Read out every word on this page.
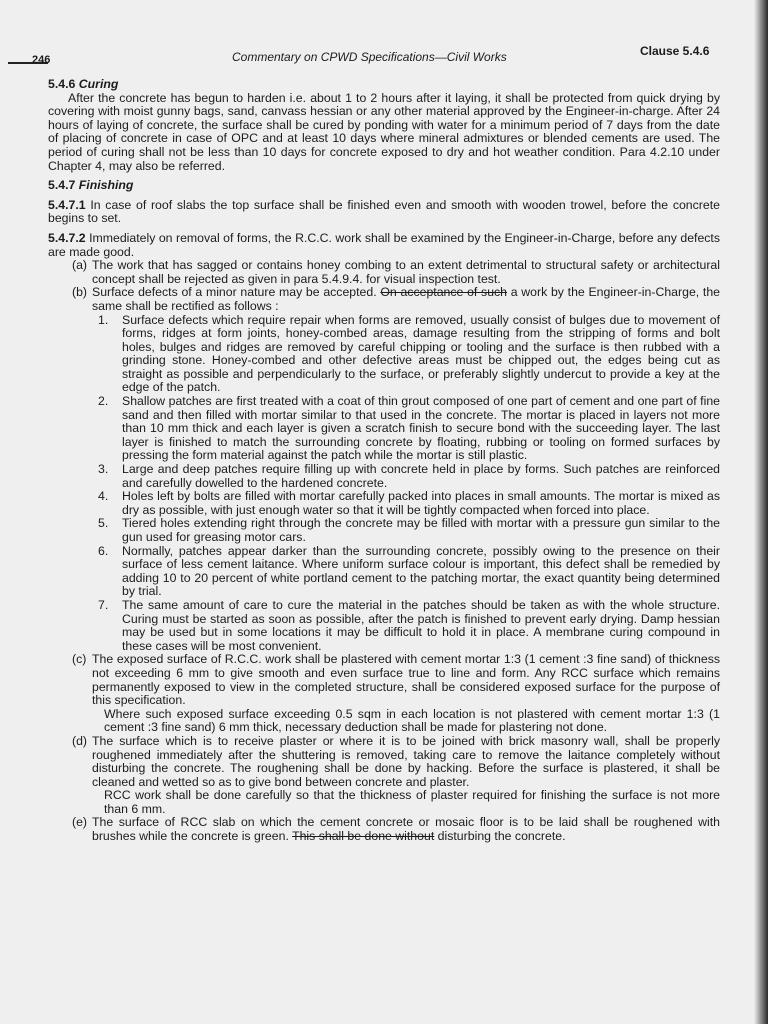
246	Commentary on CPWD Specifications—Civil Works	Clause 5.4.6

5.4.6 Curing

After the concrete has begun to harden i.e. about 1 to 2 hours after it laying, it shall be protected from quick drying by covering with moist gunny bags, sand, canvass hessian or any other material approved by the Engineer-in-charge. After 24 hours of laying of concrete, the surface shall be cured by ponding with water for a minimum period of 7 days from the date of placing of concrete in case of OPC and at least 10 days where mineral admixtures or blended cements are used. The period of curing shall not be less than 10 days for concrete exposed to dry and hot weather condition. Para 4.2.10 under Chapter 4, may also be referred.

5.4.7 Finishing

5.4.7.1 In case of roof slabs the top surface shall be finished even and smooth with wooden trowel, before the concrete begins to set.

5.4.7.2 Immediately on removal of forms, the R.C.C. work shall be examined by the Engineer-in-Charge, before any defects are made good.

(a) The work that has sagged or contains honey combing to an extent detrimental to structural safety or architectural concept shall be rejected as given in para 5.4.9.4. for visual inspection test.
(b) Surface defects of a minor nature may be accepted. On acceptance of such a work by the Engineer-in-Charge, the same shall be rectified as follows :
1.	Surface defects which require repair when forms are removed, usually consist of bulges due to movement of forms, ridges at form joints, honey-combed areas, damage resulting from the stripping of forms and bolt holes, bulges and ridges are removed by careful chipping or tooling and the surface is then rubbed with a grinding stone. Honey-combed and other defective areas must be chipped out, the edges being cut as straight as possible and perpendicularly to the surface, or preferably slightly undercut to provide a key at the edge of the patch.
2.	Shallow patches are first treated with a coat of thin grout composed of one part of cement and one part of fine sand and then filled with mortar similar to that used in the concrete. The mortar is placed in layers not more than 10 mm thick and each layer is given a scratch finish to secure bond with the succeeding layer. The last layer is finished to match the surrounding concrete by floating, rubbing or tooling on formed surfaces by pressing the form material against the patch while the mortar is still plastic.
3.	Large and deep patches require filling up with concrete held in place by forms. Such patches are reinforced and carefully dowelled to the hardened concrete.
4.	Holes left by bolts are filled with mortar carefully packed into places in small amounts. The mortar is mixed as dry as possible, with just enough water so that it will be tightly compacted when forced into place.
5.	Tiered holes extending right through the concrete may be filled with mortar with a pressure gun similar to the gun used for greasing motor cars.
6.	Normally, patches appear darker than the surrounding concrete, possibly owing to the presence on their surface of less cement laitance. Where uniform surface colour is important, this defect shall be remedied by adding 10 to 20 percent of white portland cement to the patching mortar, the exact quantity being determined by trial.
7.	The same amount of care to cure the material in the patches should be taken as with the whole structure. Curing must be started as soon as possible, after the patch is finished to prevent early drying. Damp hessian may be used but in some locations it may be difficult to hold it in place. A membrane curing compound in these cases will be most convenient.
(c) The exposed surface of R.C.C. work shall be plastered with cement mortar 1:3 (1 cement :3 fine sand) of thickness not exceeding 6 mm to give smooth and even surface true to line and form. Any RCC surface which remains permanently exposed to view in the completed structure, shall be considered exposed surface for the purpose of this specification.

Where such exposed surface exceeding 0.5 sqm in each location is not plastered with cement mortar 1:3 (1 cement :3 fine sand) 6 mm thick, necessary deduction shall be made for plastering not done.

(d) The surface which is to receive plaster or where it is to be joined with brick masonry wall, shall be properly roughened immediately after the shuttering is removed, taking care to remove the laitance completely without disturbing the concrete. The roughening shall be done by hacking. Before the surface is plastered, it shall be cleaned and wetted so as to give bond between concrete and plaster.

RCC work shall be done carefully so that the thickness of plaster required for finishing the surface is not more than 6 mm.

(e) The surface of RCC slab on which the cement concrete or mosaic floor is to be laid shall be roughened with brushes while the concrete is green. This shall be done without disturbing the concrete.
